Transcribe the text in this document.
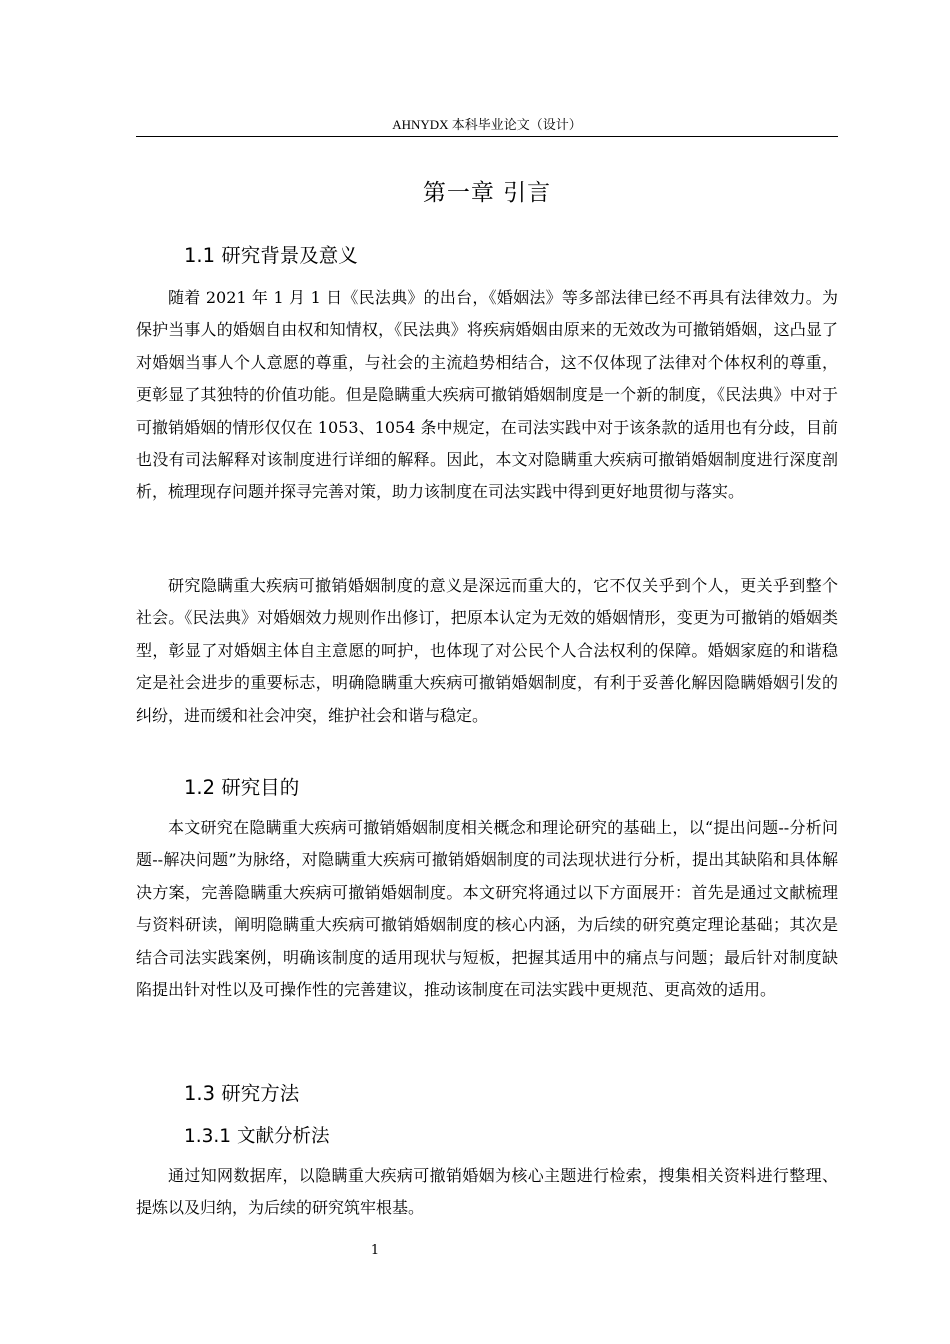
AHNYDX 本科毕业论文（设计）
第一章 引言
1.1 研究背景及意义

随着 2021 年 1 月 1 日《民法典》的出台，《婚姻法》等多部法律已经不再具有法律效力。为保护当事人的婚姻自由权和知情权，《民法典》将疾病婚姻由原来的无效改为可撤销婚姻，这凸显了对婚姻当事人个人意愿的尊重，与社会的主流趋势相结合，这不仅体现了法律对个体权利的尊重，更彰显了其独特的价值功能。但是隐瞒重大疾病可撤销婚姻制度是一个新的制度，《民法典》中对于可撤销婚姻的情形仅仅在 1053、1054 条中规定，在司法实践中对于该条款的适用也有分歧，目前也没有司法解释对该制度进行详细的解释。因此，本文对隐瞒重大疾病可撤销婚姻制度进行深度剖析，梳理现存问题并探寻完善对策，助力该制度在司法实践中得到更好地贯彻与落实。

研究隐瞒重大疾病可撤销婚姻制度的意义是深远而重大的，它不仅关乎到个人，更关乎到整个社会。《民法典》对婚姻效力规则作出修订，把原本认定为无效的婚姻情形，变更为可撤销的婚姻类型，彰显了对婚姻主体自主意愿的呵护，也体现了对公民个人合法权利的保障。婚姻家庭的和谐稳定是社会进步的重要标志，明确隐瞒重大疾病可撤销婚姻制度，有利于妥善化解因隐瞒婚姻引发的纠纷，进而缓和社会冲突，维护社会和谐与稳定。

1.2 研究目的

本文研究在隐瞒重大疾病可撤销婚姻制度相关概念和理论研究的基础上，以“提出问题--分析问题--解决问题”为脉络，对隐瞒重大疾病可撤销婚姻制度的司法现状进行分析，提出其缺陷和具体解决方案，完善隐瞒重大疾病可撤销婚姻制度。本文研究将通过以下方面展开：首先是通过文献梳理与资料研读，阐明隐瞒重大疾病可撤销婚姻制度的核心内涵，为后续的研究奠定理论基础；其次是结合司法实践案例，明确该制度的适用现状与短板，把握其适用中的痛点与问题；最后针对制度缺陷提出针对性以及可操作性的完善建议，推动该制度在司法实践中更规范、更高效的适用。

1.3 研究方法
1.3.1 文献分析法

通过知网数据库，以隐瞒重大疾病可撤销婚姻为核心主题进行检索，搜集相关资料进行整理、提炼以及归纳，为后续的研究筑牢根基。

1
